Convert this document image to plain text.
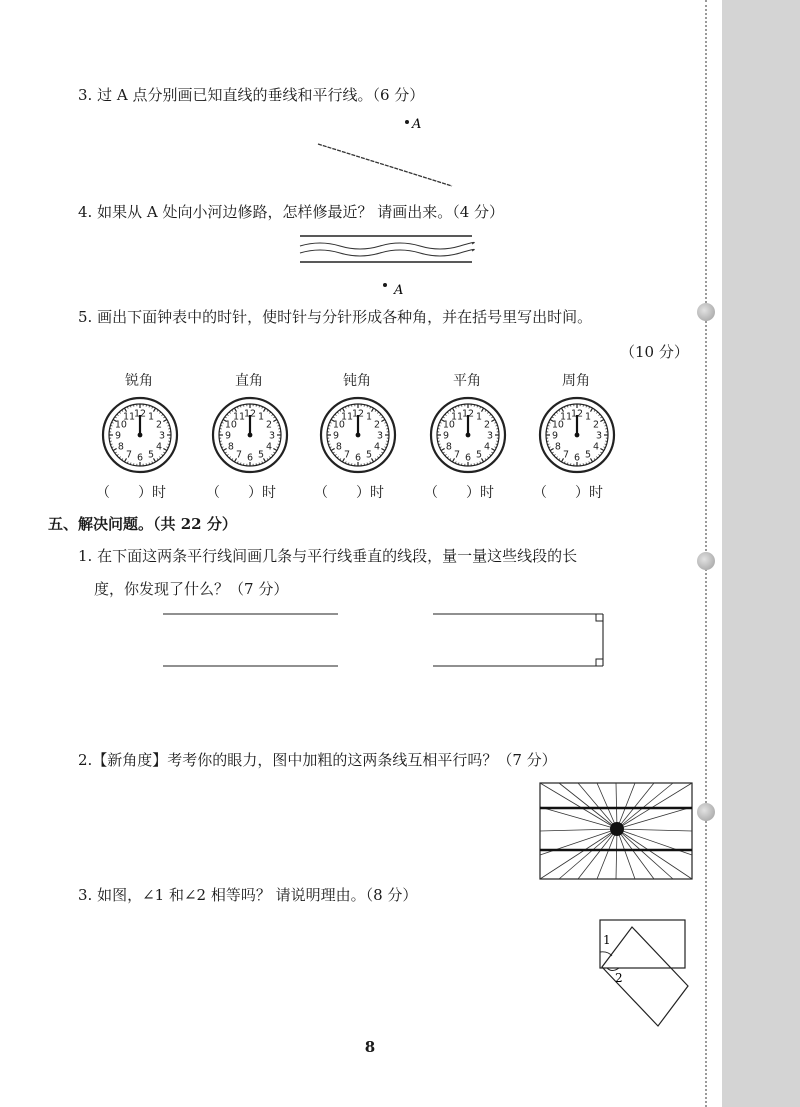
3. 过 A 点分别画已知直线的垂线和平行线。（6 分）
A
4. 如果从 A 处向小河边修路，怎样修最近？ 请画出来。（4 分）
A
5. 画出下面钟表中的时针，使时针与分针形成各种角，并在括号里写出时间。
（10 分）
锐角
1
2
3
4
5
6
7
8
9
10
11
12
（　　）时
直角
1
2
3
4
5
6
7
8
9
10
11
12
（　　）时
钝角
1
2
3
4
5
6
7
8
9
10
11
12
（　　）时
平角
1
2
3
4
5
6
7
8
9
10
11
12
（　　）时
周角
1
2
3
4
5
6
7
8
9
10
11
12
（　　）时
五、解决问题。（共 22 分）
1. 在下面这两条平行线间画几条与平行线垂直的线段，量一量这些线段的长
度，你发现了什么？（7 分）
2.【新角度】考考你的眼力，图中加粗的这两条线互相平行吗？（7 分）
3. 如图，∠1 和∠2 相等吗？ 请说明理由。（8 分）
1
2
8
